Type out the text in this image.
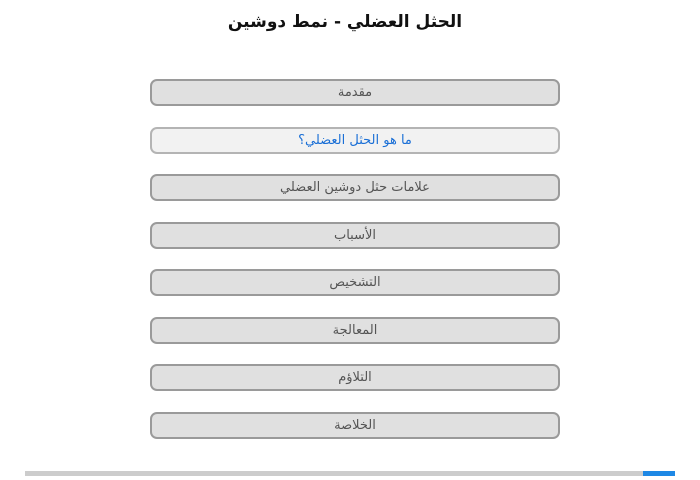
الحثل العضلي - نمط دوشين
مقدمة
ما هو الحثل العضلي؟
علامات حثل دوشين العضلي
الأسباب
التشخيص
المعالجة
التلاؤم
الخلاصة
